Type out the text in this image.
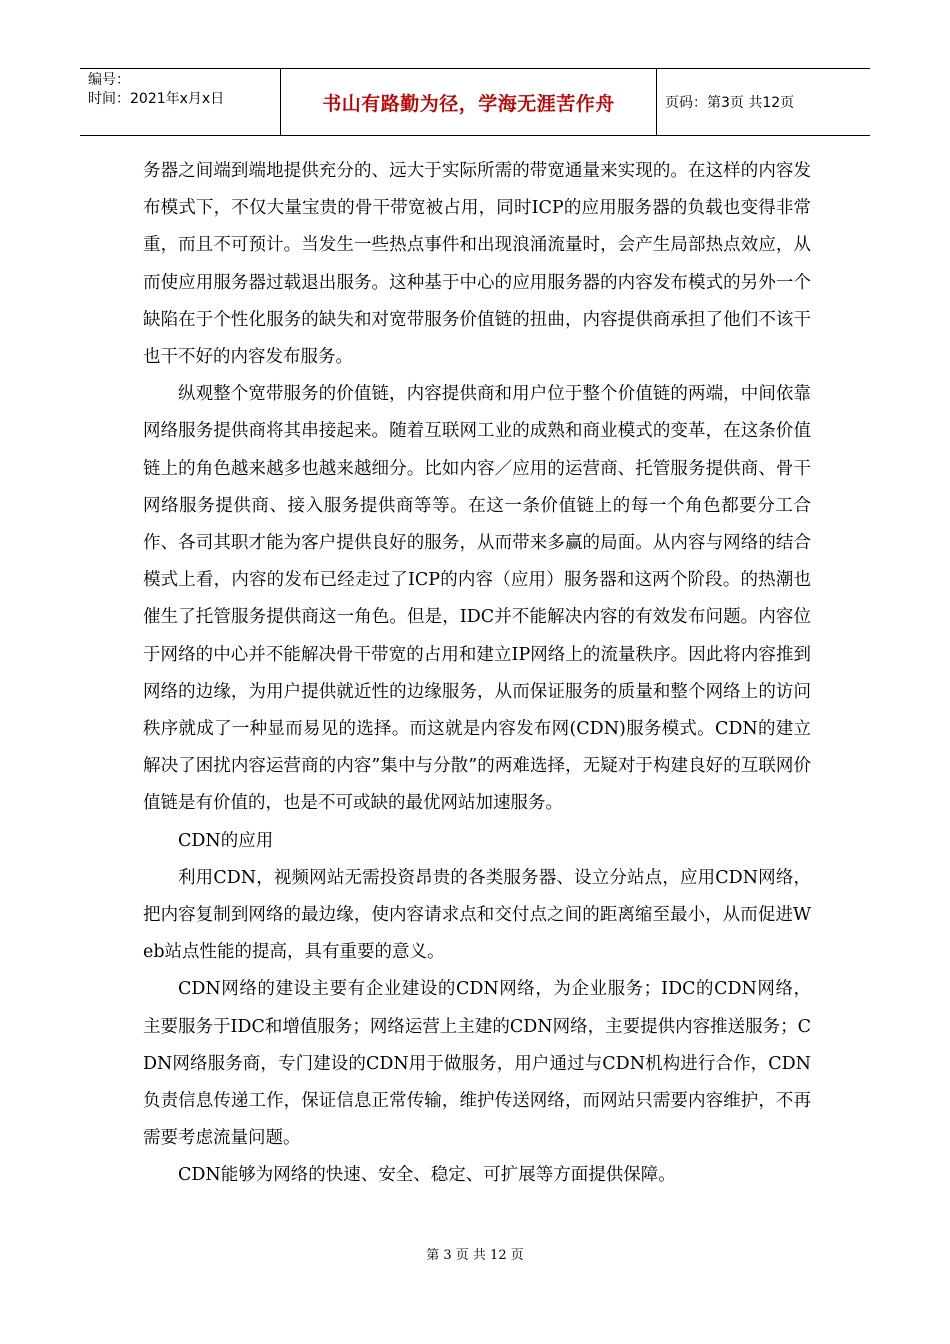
编号：
时间：2021年x月x日	书山有路勤为径，学海无涯苦作舟	页码：第3页 共12页

务器之间端到端地提供充分的、远大于实际所需的带宽通量来实现的。在这样的内容发布模式下，不仅大量宝贵的骨干带宽被占用，同时ICP的应用服务器的负载也变得非常重，而且不可预计。当发生一些热点事件和出现浪涌流量时，会产生局部热点效应，从而使应用服务器过载退出服务。这种基于中心的应用服务器的内容发布模式的另外一个缺陷在于个性化服务的缺失和对宽带服务价值链的扭曲，内容提供商承担了他们不该干也干不好的内容发布服务。

纵观整个宽带服务的价值链，内容提供商和用户位于整个价值链的两端，中间依靠网络服务提供商将其串接起来。随着互联网工业的成熟和商业模式的变革，在这条价值链上的角色越来越多也越来越细分。比如内容／应用的运营商、托管服务提供商、骨干网络服务提供商、接入服务提供商等等。在这一条价值链上的每一个角色都要分工合作、各司其职才能为客户提供良好的服务，从而带来多赢的局面。从内容与网络的结合模式上看，内容的发布已经走过了ICP的内容（应用）服务器和这两个阶段。的热潮也催生了托管服务提供商这一角色。但是，IDC并不能解决内容的有效发布问题。内容位于网络的中心并不能解决骨干带宽的占用和建立IP网络上的流量秩序。因此将内容推到网络的边缘，为用户提供就近性的边缘服务，从而保证服务的质量和整个网络上的访问秩序就成了一种显而易见的选择。而这就是内容发布网(CDN)服务模式。CDN的建立解决了困扰内容运营商的内容”集中与分散”的两难选择，无疑对于构建良好的互联网价值链是有价值的，也是不可或缺的最优网站加速服务。

CDN的应用

利用CDN，视频网站无需投资昂贵的各类服务器、设立分站点，应用CDN网络，把内容复制到网络的最边缘，使内容请求点和交付点之间的距离缩至最小，从而促进Web站点性能的提高，具有重要的意义。

CDN网络的建设主要有企业建设的CDN网络，为企业服务；IDC的CDN网络，主要服务于IDC和增值服务；网络运营上主建的CDN网络，主要提供内容推送服务；CDN网络服务商，专门建设的CDN用于做服务，用户通过与CDN机构进行合作，CDN负责信息传递工作，保证信息正常传输，维护传送网络，而网站只需要内容维护，不再需要考虑流量问题。

CDN能够为网络的快速、安全、稳定、可扩展等方面提供保障。

第 3 页 共 12 页
